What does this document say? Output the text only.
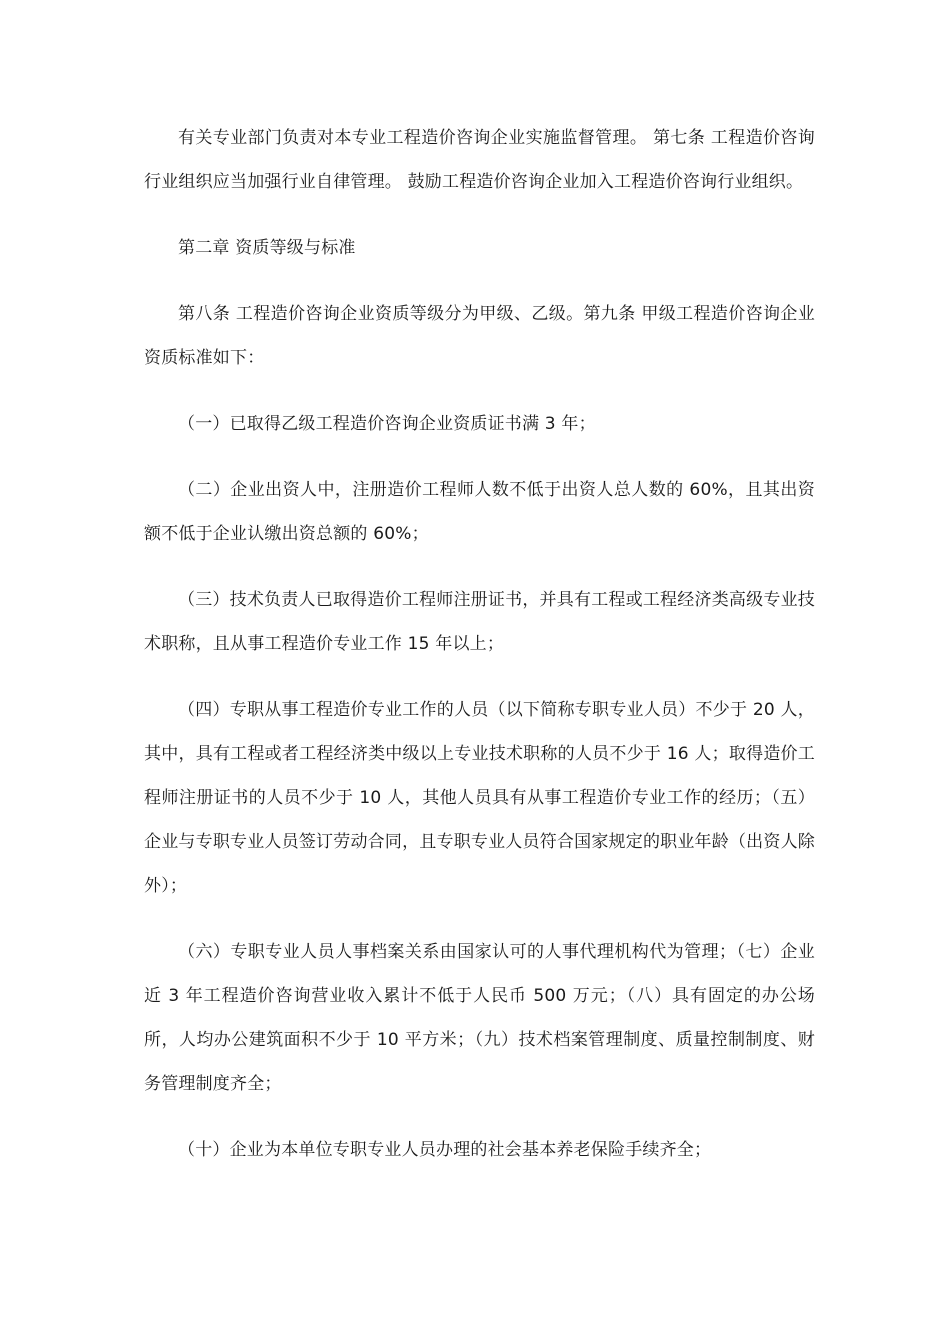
有关专业部门负责对本专业工程造价咨询企业实施监督管理。 第七条 工程造价咨询行业组织应当加强行业自律管理。 鼓励工程造价咨询企业加入工程造价咨询行业组织。

第二章 资质等级与标准

第八条 工程造价咨询企业资质等级分为甲级、乙级。第九条 甲级工程造价咨询企业资质标准如下：

（一）已取得乙级工程造价咨询企业资质证书满 3 年；

（二）企业出资人中，注册造价工程师人数不低于出资人总人数的 60%，且其出资额不低于企业认缴出资总额的 60%；

（三）技术负责人已取得造价工程师注册证书，并具有工程或工程经济类高级专业技术职称，且从事工程造价专业工作 15 年以上；

（四）专职从事工程造价专业工作的人员（以下简称专职专业人员）不少于 20 人，其中，具有工程或者工程经济类中级以上专业技术职称的人员不少于 16 人；取得造价工程师注册证书的人员不少于 10 人，其他人员具有从事工程造价专业工作的经历；（五）企业与专职专业人员签订劳动合同，且专职专业人员符合国家规定的职业年龄（出资人除外）；

（六）专职专业人员人事档案关系由国家认可的人事代理机构代为管理；（七）企业近 3 年工程造价咨询营业收入累计不低于人民币 500 万元；（八）具有固定的办公场所，人均办公建筑面积不少于 10 平方米；（九）技术档案管理制度、质量控制制度、财务管理制度齐全；

（十）企业为本单位专职专业人员办理的社会基本养老保险手续齐全；
